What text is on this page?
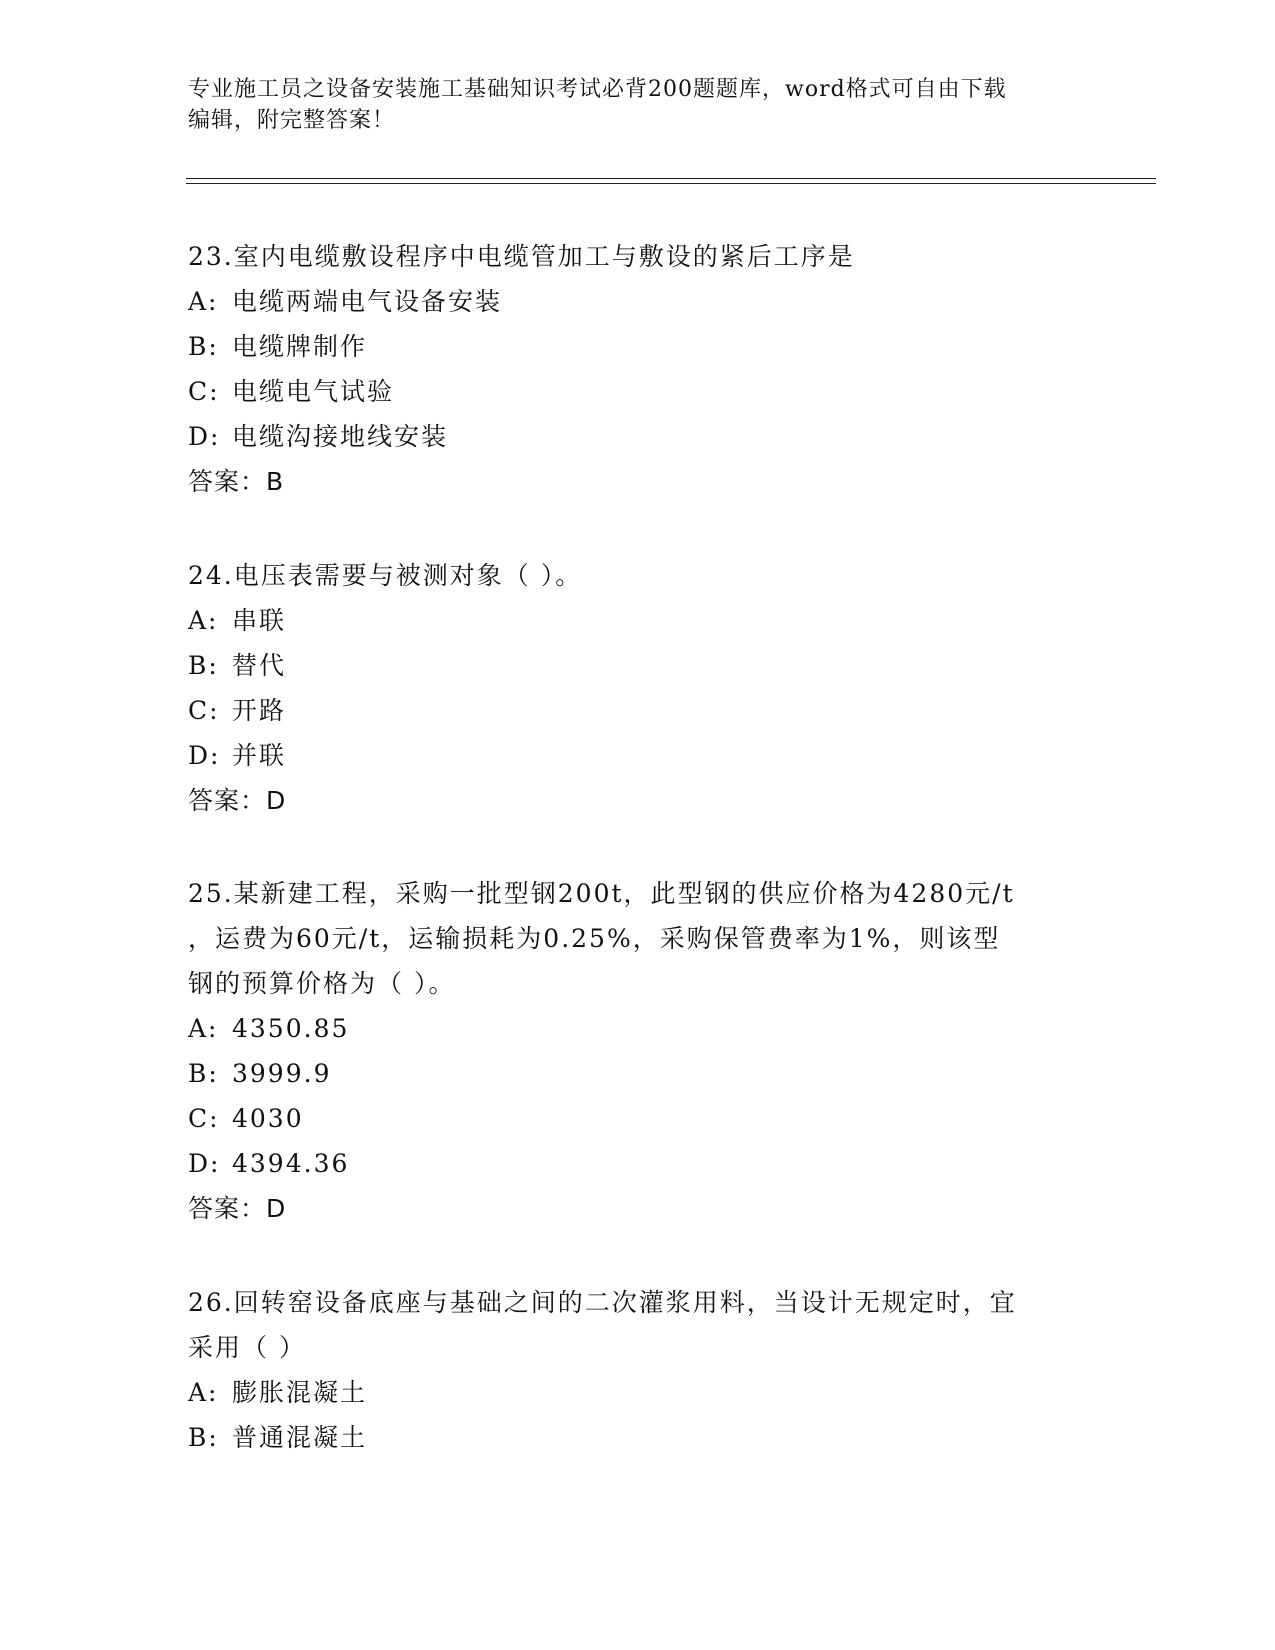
专业施工员之设备安装施工基础知识考试必背200题题库，word格式可自由下载
编辑，附完整答案！
23.室内电缆敷设程序中电缆管加工与敷设的紧后工序是
A: 电缆两端电气设备安装
B: 电缆牌制作
C: 电缆电气试验
D: 电缆沟接地线安装
答案：B
24.电压表需要与被测对象（ ）。
A: 串联
B: 替代
C: 开路
D: 并联
答案：D
25.某新建工程，采购一批型钢200t，此型钢的供应价格为4280元/t
，运费为60元/t，运输损耗为0.25%，采购保管费率为1%，则该型
钢的预算价格为（ ）。
A: 4350.85
B: 3999.9
C: 4030
D: 4394.36
答案：D
26.回转窑设备底座与基础之间的二次灌浆用料，当设计无规定时，宜
采用（ ）
A: 膨胀混凝土
B: 普通混凝土
